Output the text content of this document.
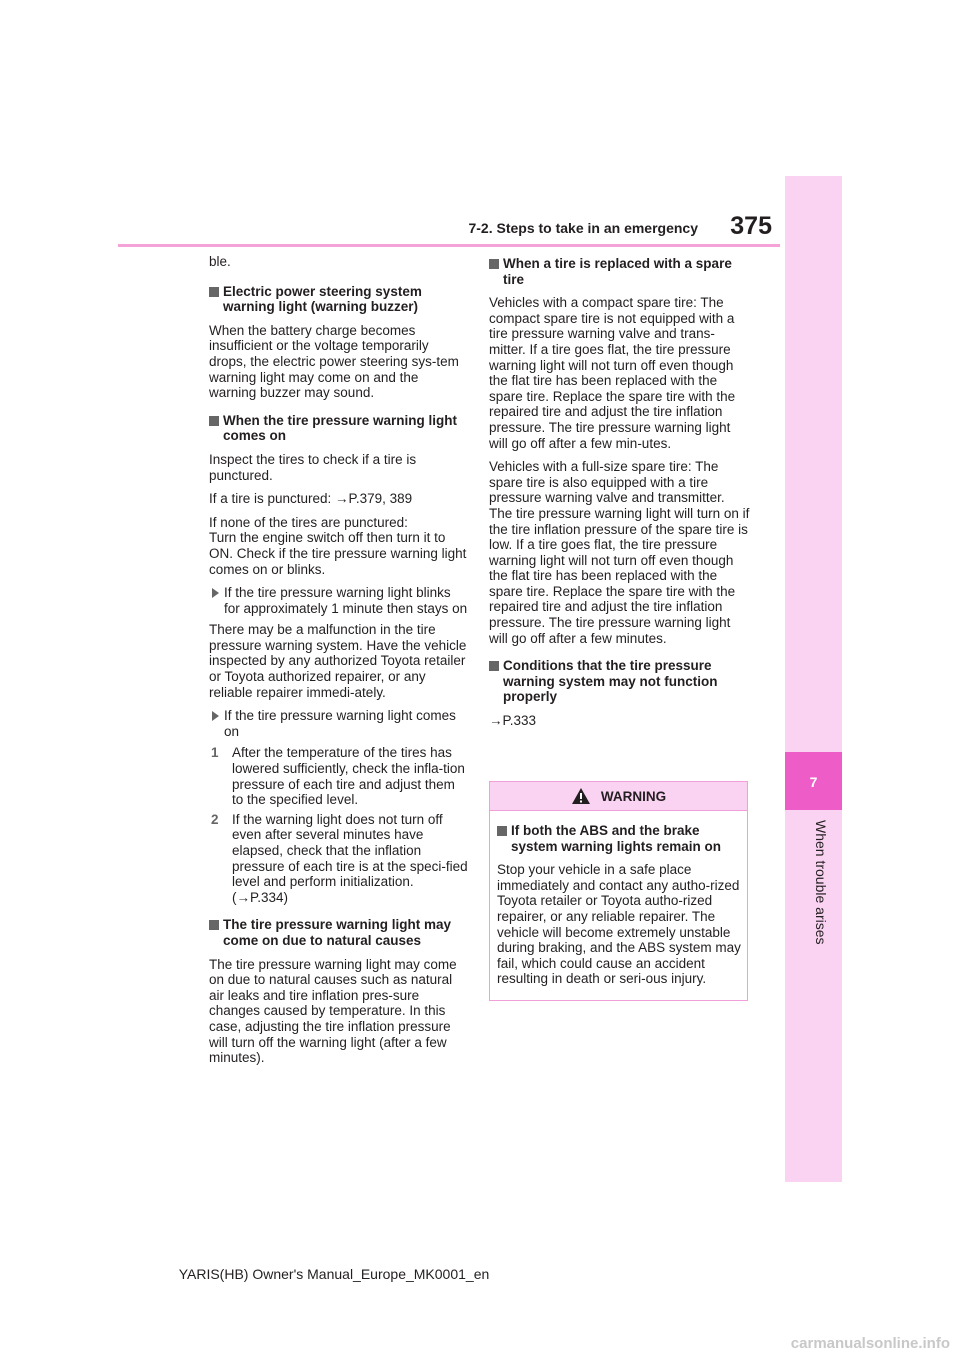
7-2. Steps to take in an emergency 375
7
When trouble arises

ble.

Electric power steering system warning light (warning buzzer)

When the battery charge becomes insufficient or the voltage temporarily drops, the electric power steering sys-tem warning light may come on and the warning buzzer may sound.

When the tire pressure warning light comes on

Inspect the tires to check if a tire is punctured.

If a tire is punctured: →P.379, 389

If none of the tires are punctured:
Turn the engine switch off then turn it to ON. Check if the tire pressure warning light comes on or blinks.

If the tire pressure warning light blinks for approximately 1 minute then stays on

There may be a malfunction in the tire pressure warning system. Have the vehicle inspected by any authorized Toyota retailer or Toyota authorized repairer, or any reliable repairer immedi-ately.

If the tire pressure warning light comes on
1 After the temperature of the tires has lowered sufficiently, check the infla-tion pressure of each tire and adjust them to the specified level.
2 If the warning light does not turn off even after several minutes have elapsed, check that the inflation pressure of each tire is at the speci-fied level and perform initialization. (→P.334)
The tire pressure warning light may come on due to natural causes

The tire pressure warning light may come on due to natural causes such as natural air leaks and tire inflation pres-sure changes caused by temperature. In this case, adjusting the tire inflation pressure will turn off the warning light (after a few minutes).

When a tire is replaced with a spare tire

Vehicles with a compact spare tire: The compact spare tire is not equipped with a tire pressure warning valve and trans-mitter. If a tire goes flat, the tire pressure warning light will not turn off even though the flat tire has been replaced with the spare tire. Replace the spare tire with the repaired tire and adjust the tire inflation pressure. The tire pressure warning light will go off after a few min-utes.

Vehicles with a full-size spare tire: The spare tire is also equipped with a tire pressure warning valve and transmitter. The tire pressure warning light will turn on if the tire inflation pressure of the spare tire is low. If a tire goes flat, the tire pressure warning light will not turn off even though the flat tire has been replaced with the spare tire. Replace the spare tire with the repaired tire and adjust the tire inflation pressure. The tire pressure warning light will go off after a few minutes.

Conditions that the tire pressure warning system may not function properly

→P.333

WARNING
If both the ABS and the brake system warning lights remain on

Stop your vehicle in a safe place immediately and contact any autho-rized Toyota retailer or Toyota autho-rized repairer, or any reliable repairer. The vehicle will become extremely unstable during braking, and the ABS system may fail, which could cause an accident resulting in death or seri-ous injury.

YARIS(HB) Owner's Manual_Europe_MK0001_en
carmanualsonline.info
